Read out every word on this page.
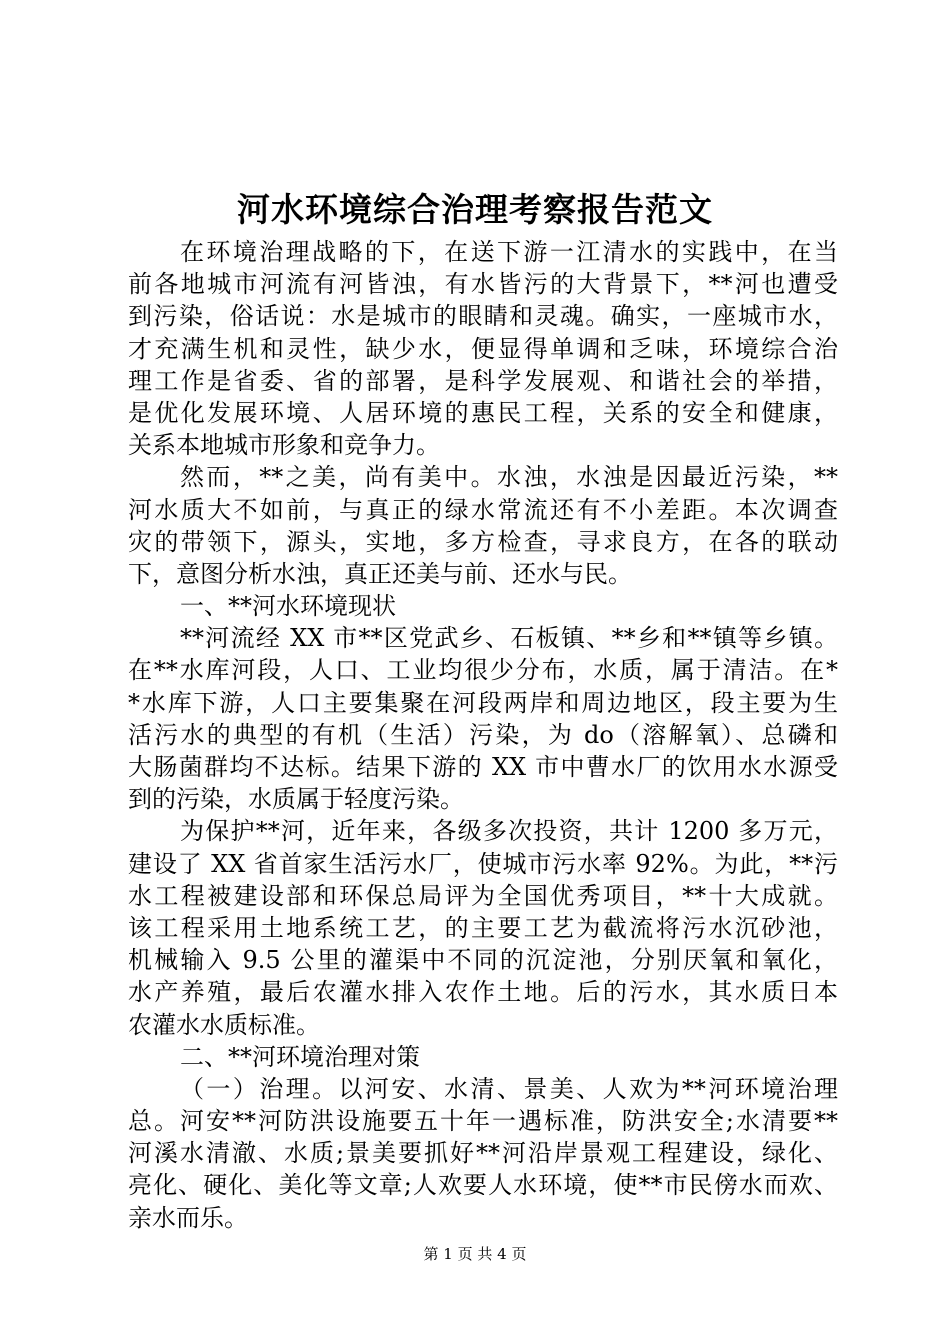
河水环境综合治理考察报告范文
在环境治理战略的下，在送下游一江清水的实践中，在当
前各地城市河流有河皆浊，有水皆污的大背景下，**河也遭受
到污染，俗话说：水是城市的眼睛和灵魂。确实，一座城市水，
才充满生机和灵性，缺少水，便显得单调和乏味，环境综合治
理工作是省委、省的部署，是科学发展观、和谐社会的举措，
是优化发展环境、人居环境的惠民工程，关系的安全和健康，
关系本地城市形象和竞争力。
然而，**之美，尚有美中。水浊，水浊是因最近污染，**
河水质大不如前，与真正的绿水常流还有不小差距。本次调查
灾的带领下，源头，实地，多方检查，寻求良方，在各的联动
下，意图分析水浊，真正还美与前、还水与民。
一、**河水环境现状
**河流经 XX 市**区党武乡、石板镇、**乡和**镇等乡镇。
在**水库河段，人口、工业均很少分布，水质，属于清洁。在*
*水库下游，人口主要集聚在河段两岸和周边地区，段主要为生
活污水的典型的有机（生活）污染，为 do（溶解氧）、总磷和
大肠菌群均不达标。结果下游的 XX 市中曹水厂的饮用水水源受
到的污染，水质属于轻度污染。
为保护**河，近年来，各级多次投资，共计 1200 多万元，
建设了 XX 省首家生活污水厂，使城市污水率 92%。为此，**污
水工程被建设部和环保总局评为全国优秀项目，**十大成就。
该工程采用土地系统工艺，的主要工艺为截流将污水沉砂池，
机械输入 9.5 公里的灌渠中不同的沉淀池，分别厌氧和氧化，
水产养殖，最后农灌水排入农作土地。后的污水，其水质日本
农灌水水质标准。
二、**河环境治理对策
（一）治理。以河安、水清、景美、人欢为**河环境治理
总。河安**河防洪设施要五十年一遇标准，防洪安全;水清要**
河溪水清澈、水质;景美要抓好**河沿岸景观工程建设，绿化、
亮化、硬化、美化等文章;人欢要人水环境，使**市民傍水而欢、
亲水而乐。
第 1 页 共 4 页
